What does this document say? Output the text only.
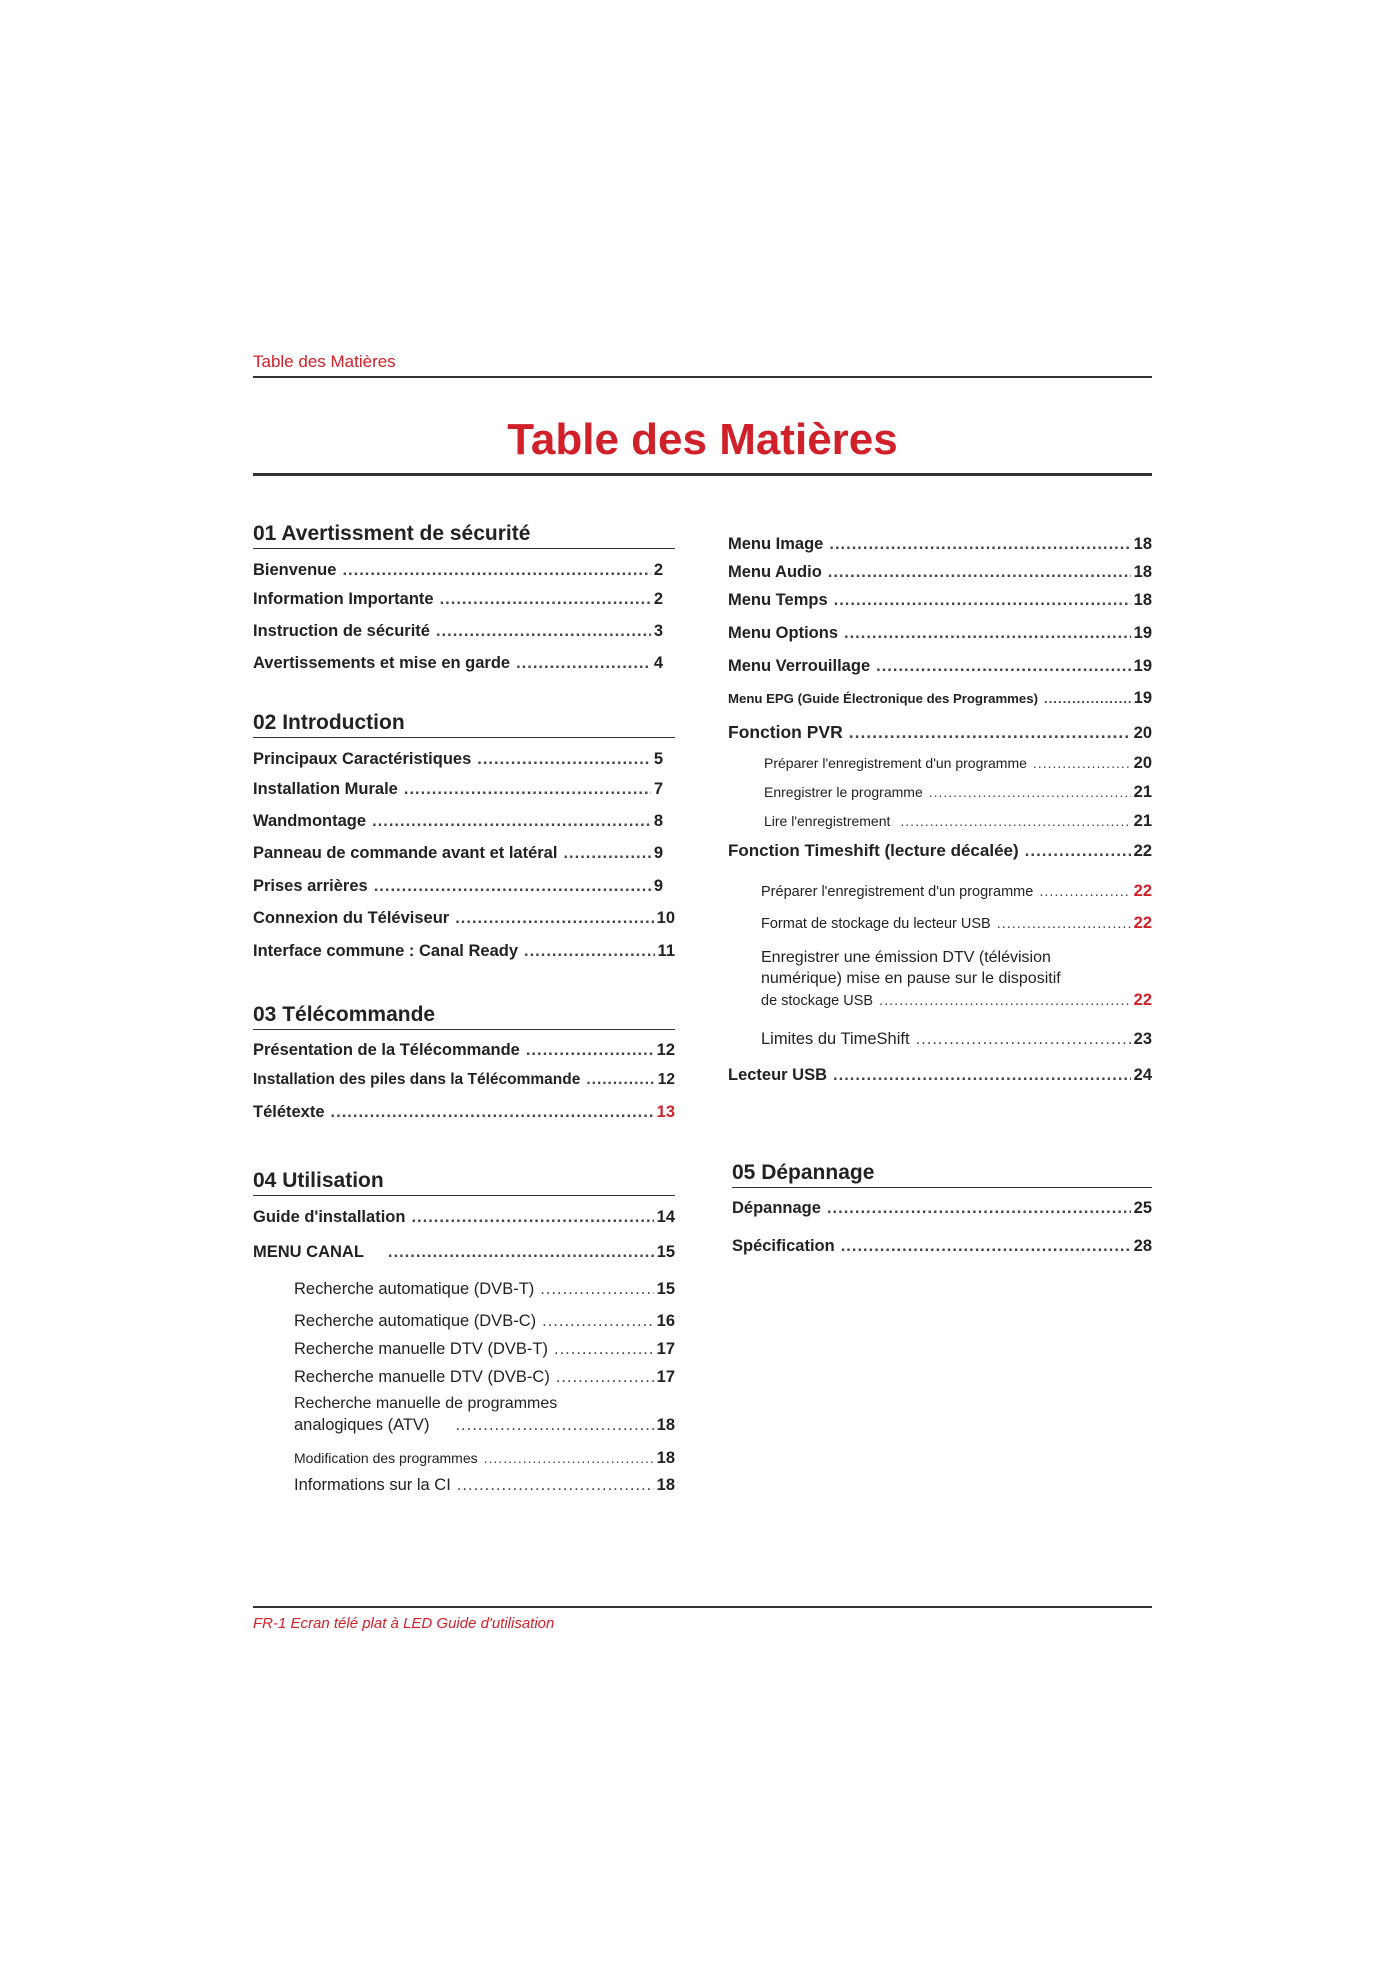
Table des Matières
Table des Matières
01 Avertissment de sécurité
Bienvenue .....	2
Information Importante .....	2
Instruction de sécurité .....	3
Avertissements et mise en garde .....	4
02 Introduction
Principaux Caractéristiques .....	5
Installation Murale .....	7
Wandmontage .....	8
Panneau de commande avant et latéral .....	9
Prises arrières .....	9
Connexion du Téléviseur .....	10
Interface commune : Canal Ready .....	11
03 Télécommande
Présentation de la Télécommande .....	12
Installation des piles dans la Télécommande .....	12
Télétexte .....	13
04 Utilisation
Guide d'installation .....	14
MENU CANAL .....	15
Recherche automatique (DVB-T) .....	15
Recherche automatique (DVB-C) .....	16
Recherche manuelle DTV (DVB-T) .....	17
Recherche manuelle DTV (DVB-C) .....	17
Recherche manuelle de programmes
analogiques (ATV) .....	18
Modification des programmes .....	18
Informations sur la CI .....	18
Menu Image .....	18
Menu Audio .....	18
Menu Temps .....	18
Menu Options .....	19
Menu Verrouillage .....	19
Menu EPG (Guide Électronique des Programmes) .....	19
Fonction PVR .....	20
Préparer l'enregistrement d'un programme .....	20
Enregistrer le programme .....	21
Lire l'enregistrement .....	21
Fonction Timeshift (lecture décalée) .....	22
Préparer l'enregistrement d'un programme .....	22
Format de stockage du lecteur USB .....	22
Enregistrer une émission DTV (télévision
numérique) mise en pause sur le dispositif
de stockage USB .....	22
Limites du TimeShift .....	23
Lecteur USB .....	24
05 Dépannage
Dépannage .....	25
Spécification .....	28
FR-1 Ecran télé plat à LED Guide d'utilisation
